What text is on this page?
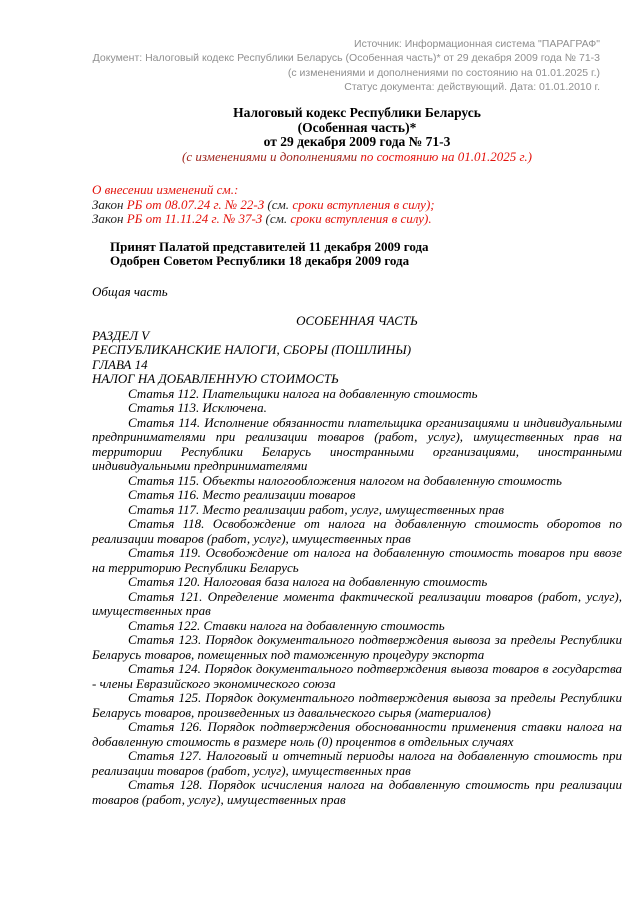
Источник: Информационная система "ПАРАГРАФ"
Документ: Налоговый кодекс Республики Беларусь (Особенная часть)* от 29 декабря 2009 года № 71-3 (с изменениями и дополнениями по состоянию на 01.01.2025 г.)
Статус документа: действующий. Дата: 01.01.2010 г.
Налоговый кодекс Республики Беларусь
(Особенная часть)*
от 29 декабря 2009 года № 71-3
(с изменениями и дополнениями по состоянию на 01.01.2025 г.)
О внесении изменений см.:
Закон РБ от 08.07.24 г. № 22-З (см. сроки вступления в силу);
Закон РБ от 11.11.24 г. № 37-З (см. сроки вступления в силу).
Принят Палатой представителей 11 декабря 2009 года
Одобрен Советом Республики 18 декабря 2009 года
Общая часть
ОСОБЕННАЯ ЧАСТЬ
РАЗДЕЛ V
РЕСПУБЛИКАНСКИЕ НАЛОГИ, СБОРЫ (ПОШЛИНЫ)
ГЛАВА 14
НАЛОГ НА ДОБАВЛЕННУЮ СТОИМОСТЬ

Статья 112. Плательщики налога на добавленную стоимость

Статья 113. Исключена.

Статья 114. Исполнение обязанности плательщика организациями и индивидуальными предпринимателями при реализации товаров (работ, услуг), имущественных прав на территории Республики Беларусь иностранными организациями, иностранными индивидуальными предпринимателями

Статья 115. Объекты налогообложения налогом на добавленную стоимость

Статья 116. Место реализации товаров

Статья 117. Место реализации работ, услуг, имущественных прав

Статья 118. Освобождение от налога на добавленную стоимость оборотов по реализации товаров (работ, услуг), имущественных прав

Статья 119. Освобождение от налога на добавленную стоимость товаров при ввозе на территорию Республики Беларусь

Статья 120. Налоговая база налога на добавленную стоимость

Статья 121. Определение момента фактической реализации товаров (работ, услуг), имущественных прав

Статья 122. Ставки налога на добавленную стоимость

Статья 123. Порядок документального подтверждения вывоза за пределы Республики Беларусь товаров, помещенных под таможенную процедуру экспорта

Статья 124. Порядок документального подтверждения вывоза товаров в государства - члены Евразийского экономического союза

Статья 125. Порядок документального подтверждения вывоза за пределы Республики Беларусь товаров, произведенных из давальческого сырья (материалов)

Статья 126. Порядок подтверждения обоснованности применения ставки налога на добавленную стоимость в размере ноль (0) процентов в отдельных случаях

Статья 127. Налоговый и отчетный периоды налога на добавленную стоимость при реализации товаров (работ, услуг), имущественных прав

Статья 128. Порядок исчисления налога на добавленную стоимость при реализации товаров (работ, услуг), имущественных прав
